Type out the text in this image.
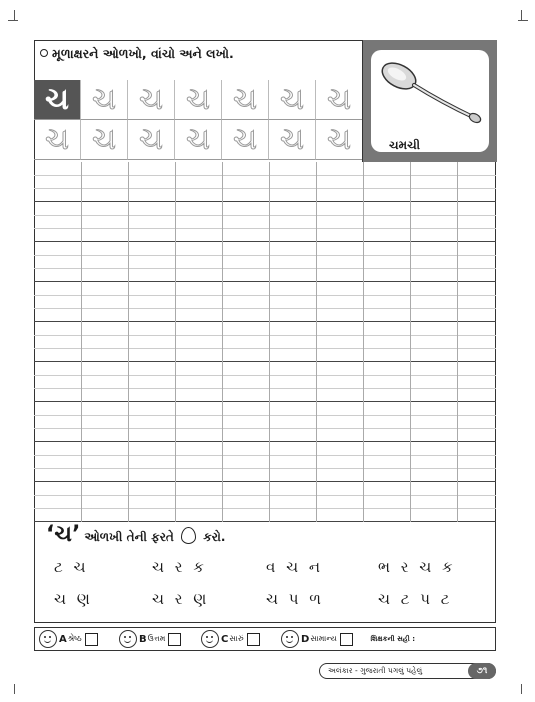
મૂળાક્ષરને ઓળખો, વાંચો અને લખો.
ચ ચ ચ ચ ચ ચ ચ
ચ ચ ચ ચ ચ ચ ચ	ચમચી
‘ચ’ ઓળખી તેની ફરતે કરો.
ટ ચ	ચ ર ક	વ ચ ન	ભ ર ચ ક
ચ ણ	ચ ર ણ	ચ પ ળ	ચ ટ પ ટ
A શ્રેષ્ઠ	B ઉત્તમ	C સારું	D સામાન્ય	શિક્ષકની સહી :
અલંકાર - ગુજરાતી પગલું પહેલું	૭૧
